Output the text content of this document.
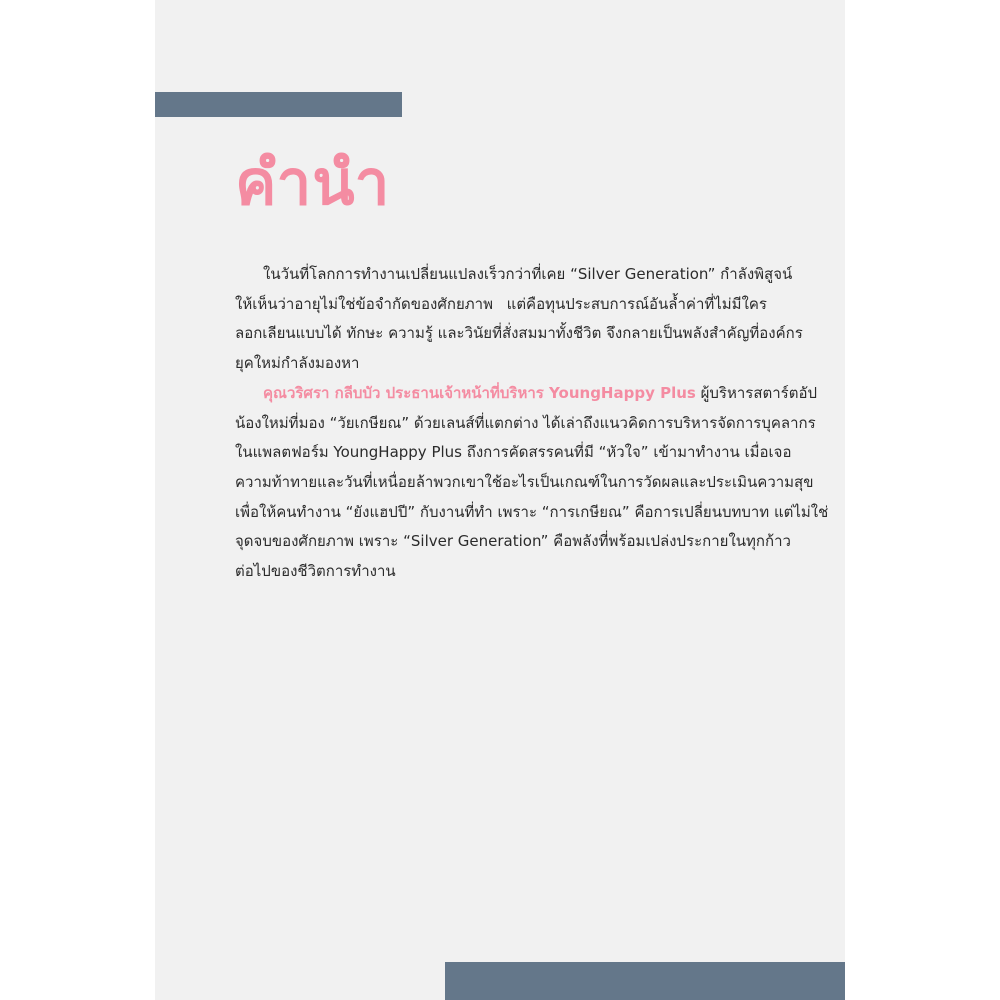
คำนำ
ในวันที่โลกการทำงานเปลี่ยนแปลงเร็วกว่าที่เคย “Silver Generation” กำลังพิสูจน์
ให้เห็นว่าอายุไม่ใช่ข้อจำกัดของศักยภาพ แต่คือทุนประสบการณ์อันล้ำค่าที่ไม่มีใคร
ลอกเลียนแบบได้ ทักษะ ความรู้ และวินัยที่สั่งสมมาทั้งชีวิต จึงกลายเป็นพลังสำคัญที่องค์กร
ยุคใหม่กำลังมองหา
คุณวริศรา กลีบบัว ประธานเจ้าหน้าที่บริหาร YoungHappy Plus ผู้บริหารสตาร์ตอัป
น้องใหม่ที่มอง “วัยเกษียณ” ด้วยเลนส์ที่แตกต่าง ได้เล่าถึงแนวคิดการบริหารจัดการบุคลากร
ในแพลตฟอร์ม YoungHappy Plus ถึงการคัดสรรคนที่มี “หัวใจ” เข้ามาทำงาน เมื่อเจอ
ความท้าทายและวันที่เหนื่อยล้าพวกเขาใช้อะไรเป็นเกณฑ์ในการวัดผลและประเมินความสุข
เพื่อให้คนทำงาน “ยังแฮปปี” กับงานที่ทำ เพราะ “การเกษียณ” คือการเปลี่ยนบทบาท แต่ไม่ใช่
จุดจบของศักยภาพ เพราะ “Silver Generation” คือพลังที่พร้อมเปล่งประกายในทุกก้าว
ต่อไปของชีวิตการทำงาน
